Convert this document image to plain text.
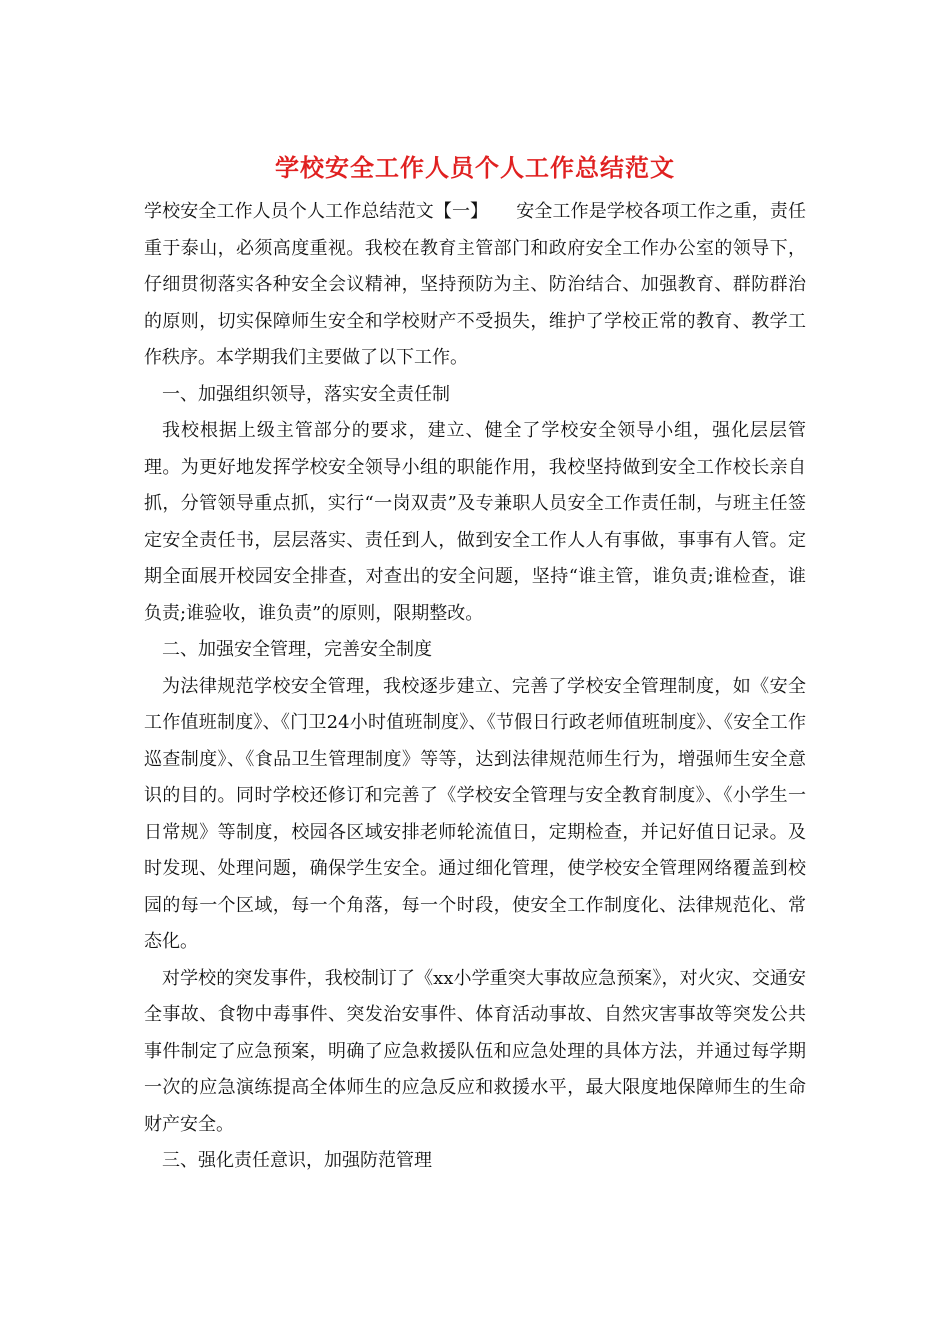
学校安全工作人员个人工作总结范文

学校安全工作人员个人工作总结范文【一】 安全工作是学校各项工作之重，责任重于泰山，必须高度重视。我校在教育主管部门和政府安全工作办公室的领导下，仔细贯彻落实各种安全会议精神，坚持预防为主、防治结合、加强教育、群防群治的原则，切实保障师生安全和学校财产不受损失，维护了学校正常的教育、教学工作秩序。本学期我们主要做了以下工作。

一、加强组织领导，落实安全责任制

我校根据上级主管部分的要求，建立、健全了学校安全领导小组，强化层层管理。为更好地发挥学校安全领导小组的职能作用，我校坚持做到安全工作校长亲自抓，分管领导重点抓，实行“一岗双责”及专兼职人员安全工作责任制，与班主任签定安全责任书，层层落实、责任到人，做到安全工作人人有事做，事事有人管。定期全面展开校园安全排查，对查出的安全问题，坚持“谁主管，谁负责;谁检查，谁负责;谁验收，谁负责”的原则，限期整改。

二、加强安全管理，完善安全制度

为法律规范学校安全管理，我校逐步建立、完善了学校安全管理制度，如《安全工作值班制度》、《门卫24小时值班制度》、《节假日行政老师值班制度》、《安全工作巡查制度》、《食品卫生管理制度》等等，达到法律规范师生行为，增强师生安全意识的目的。同时学校还修订和完善了《学校安全管理与安全教育制度》、《小学生一日常规》等制度，校园各区域安排老师轮流值日，定期检查，并记好值日记录。及时发现、处理问题，确保学生安全。通过细化管理，使学校安全管理网络覆盖到校园的每一个区域，每一个角落，每一个时段，使安全工作制度化、法律规范化、常态化。

对学校的突发事件，我校制订了《xx小学重突大事故应急预案》，对火灾、交通安全事故、食物中毒事件、突发治安事件、体育活动事故、自然灾害事故等突发公共事件制定了应急预案，明确了应急救援队伍和应急处理的具体方法，并通过每学期一次的应急演练提高全体师生的应急反应和救援水平，最大限度地保障师生的生命财产安全。

三、强化责任意识，加强防范管理
